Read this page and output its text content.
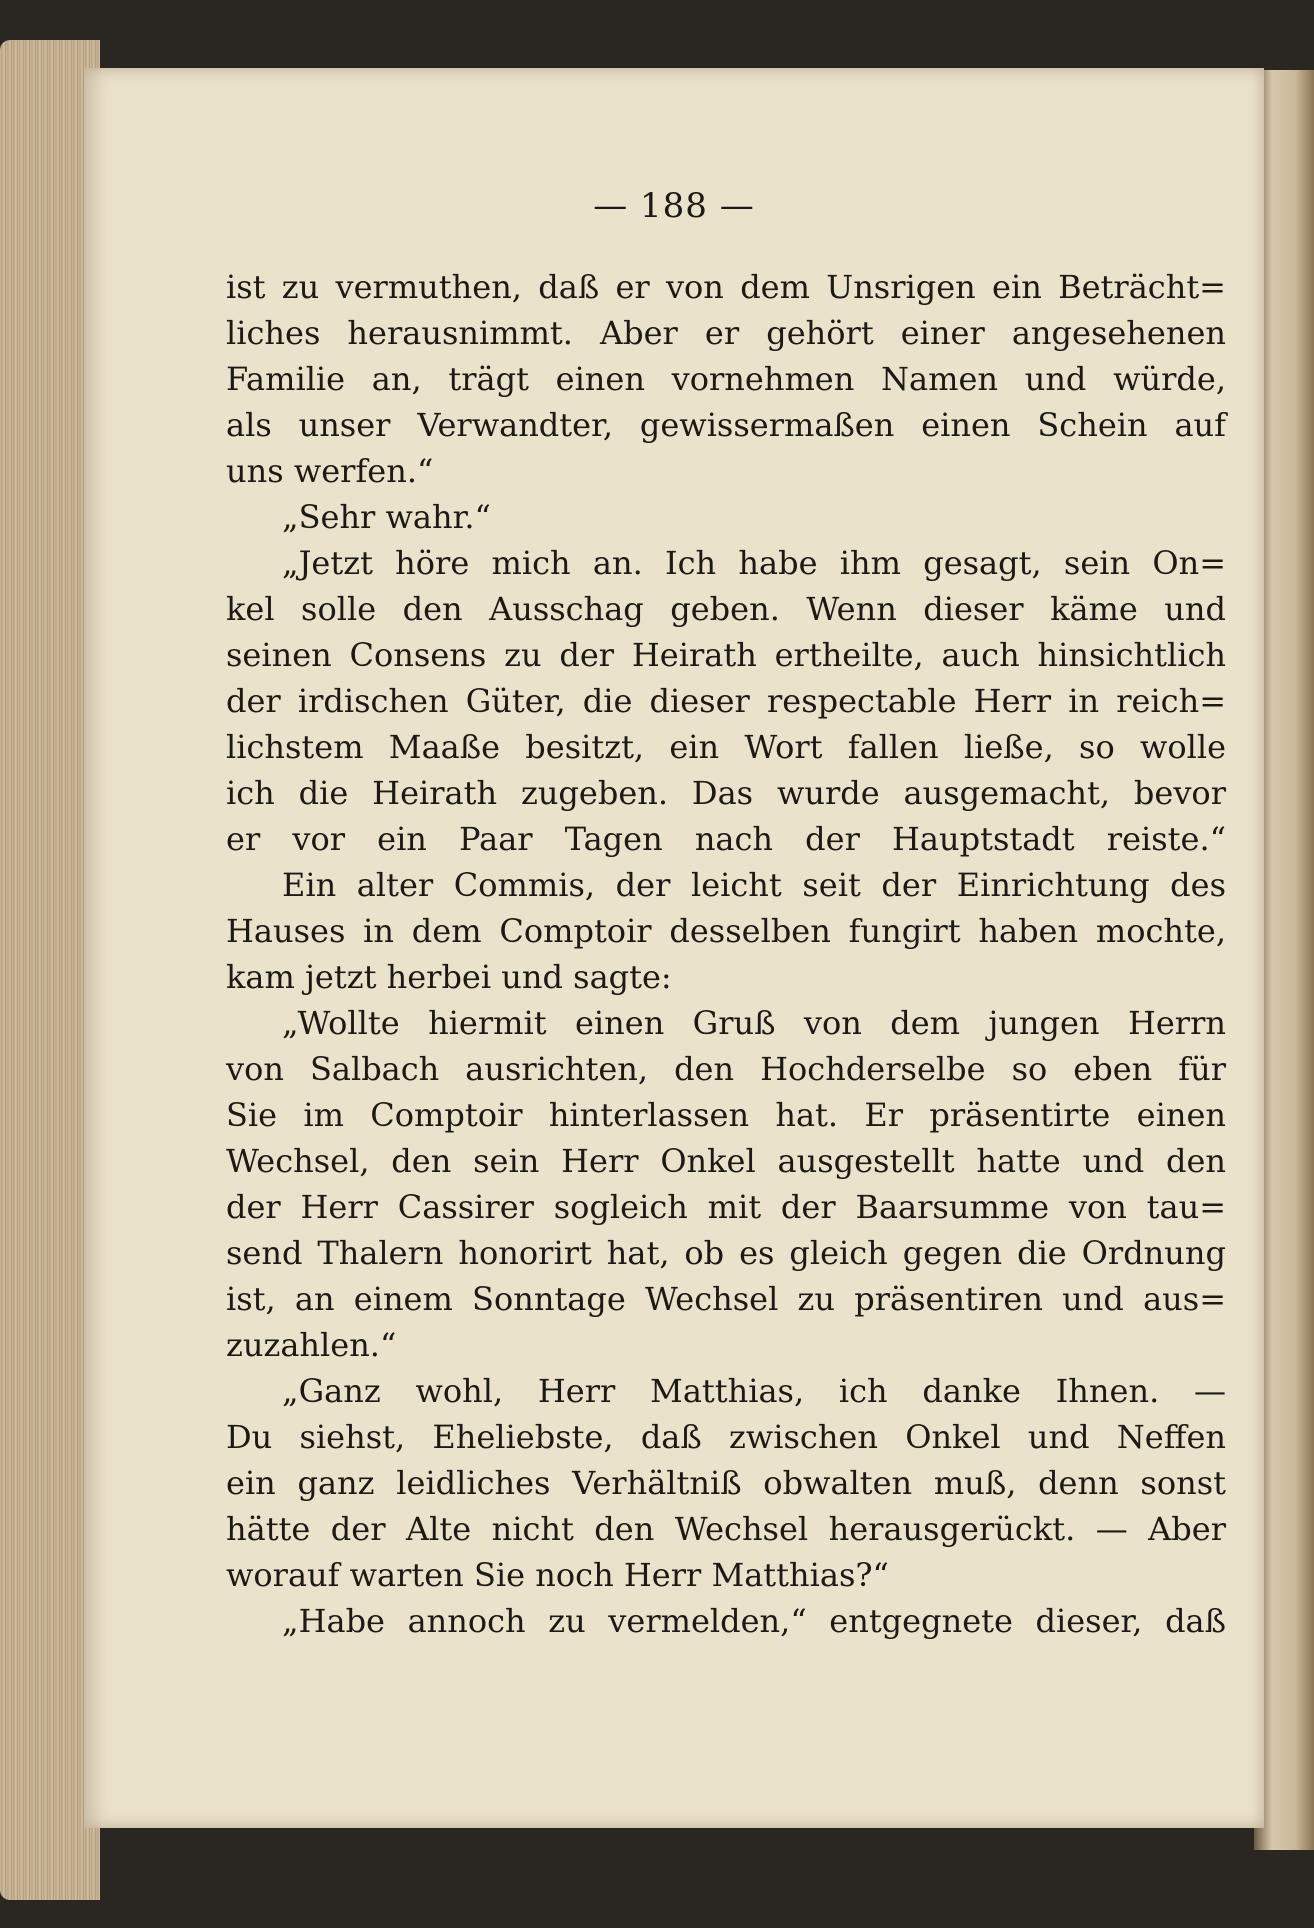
— 188 —
ist zu vermuthen, daß er von dem Unsrigen ein Beträcht=
liches herausnimmt. Aber er gehört einer angesehenen
Familie an, trägt einen vornehmen Namen und würde,
als unser Verwandter, gewissermaßen einen Schein auf
uns werfen.“
„Sehr wahr.“
„Jetzt höre mich an. Ich habe ihm gesagt, sein On=
kel solle den Ausschag geben. Wenn dieser käme und
seinen Consens zu der Heirath ertheilte, auch hinsichtlich
der irdischen Güter, die dieser respectable Herr in reich=
lichstem Maaße besitzt, ein Wort fallen ließe, so wolle
ich die Heirath zugeben. Das wurde ausgemacht, bevor
er vor ein Paar Tagen nach der Hauptstadt reiste.“
Ein alter Commis, der leicht seit der Einrichtung des
Hauses in dem Comptoir desselben fungirt haben mochte,
kam jetzt herbei und sagte:
„Wollte hiermit einen Gruß von dem jungen Herrn
von Salbach ausrichten, den Hochderselbe so eben für
Sie im Comptoir hinterlassen hat. Er präsentirte einen
Wechsel, den sein Herr Onkel ausgestellt hatte und den
der Herr Cassirer sogleich mit der Baarsumme von tau=
send Thalern honorirt hat, ob es gleich gegen die Ordnung
ist, an einem Sonntage Wechsel zu präsentiren und aus=
zuzahlen.“
„Ganz wohl, Herr Matthias, ich danke Ihnen. —
Du siehst, Eheliebste, daß zwischen Onkel und Neffen
ein ganz leidliches Verhältniß obwalten muß, denn sonst
hätte der Alte nicht den Wechsel herausgerückt. — Aber
worauf warten Sie noch Herr Matthias?“
„Habe annoch zu vermelden,“ entgegnete dieser, daß
